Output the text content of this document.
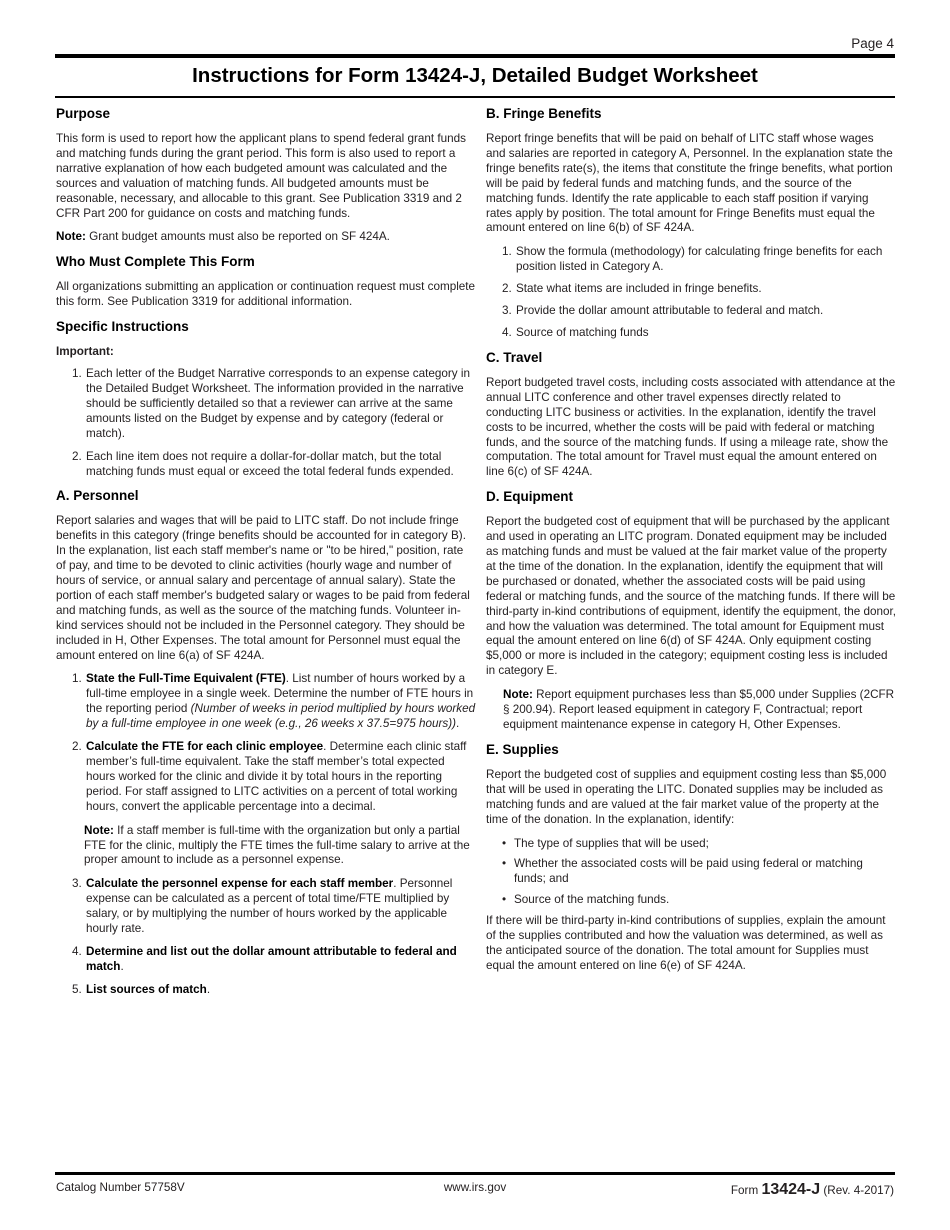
Page 4
Instructions for Form 13424-J, Detailed Budget Worksheet
Purpose

This form is used to report how the applicant plans to spend federal grant funds and matching funds during the grant period. This form is also used to report a narrative explanation of how each budgeted amount was calculated and the sources and valuation of matching funds. All budgeted amounts must be reasonable, necessary, and allocable to this grant. See Publication 3319 and 2 CFR Part 200 for guidance on costs and matching funds.

Note: Grant budget amounts must also be reported on SF 424A.

Who Must Complete This Form

All organizations submitting an application or continuation request must complete this form. See Publication 3319 for additional information.

Specific Instructions

Important:

1. Each letter of the Budget Narrative corresponds to an expense category in the Detailed Budget Worksheet. The information provided in the narrative should be sufficiently detailed so that a reviewer can arrive at the same amounts listed on the Budget by expense and by category (federal or match).
2. Each line item does not require a dollar-for-dollar match, but the total matching funds must equal or exceed the total federal funds expended.
A. Personnel

Report salaries and wages that will be paid to LITC staff. Do not include fringe benefits in this category (fringe benefits should be accounted for in category B). In the explanation, list each staff member's name or "to be hired," position, rate of pay, and time to be devoted to clinic activities (hourly wage and number of hours of service, or annual salary and percentage of annual salary). State the portion of each staff member's budgeted salary or wages to be paid from federal and matching funds, as well as the source of the matching funds. Volunteer in-kind services should not be included in the Personnel category. They should be included in H, Other Expenses. The total amount for Personnel must equal the amount entered on line 6(a) of SF 424A.

1. State the Full-Time Equivalent (FTE). List number of hours worked by a full-time employee in a single week. Determine the number of FTE hours in the reporting period (Number of weeks in period multiplied by hours worked by a full-time employee in one week (e.g., 26 weeks x 37.5=975 hours)).
2. Calculate the FTE for each clinic employee. Determine each clinic staff member’s full-time equivalent. Take the staff member’s total expected hours worked for the clinic and divide it by total hours in the reporting period. For staff assigned to LITC activities on a percent of total working hours, convert the applicable percentage into a decimal.

Note: If a staff member is full-time with the organization but only a partial FTE for the clinic, multiply the FTE times the full-time salary to arrive at the proper amount to include as a personnel expense.

3. Calculate the personnel expense for each staff member. Personnel expense can be calculated as a percent of total time/FTE multiplied by salary, or by multiplying the number of hours worked by the applicable hourly rate.
4. Determine and list out the dollar amount attributable to federal and match.
5. List sources of match.
B. Fringe Benefits

Report fringe benefits that will be paid on behalf of LITC staff whose wages and salaries are reported in category A, Personnel. In the explanation state the fringe benefits rate(s), the items that constitute the fringe benefits, what portion will be paid by federal funds and matching funds, and the source of the matching funds. Identify the rate applicable to each staff position if varying rates apply by position. The total amount for Fringe Benefits must equal the amount entered on line 6(b) of SF 424A.

1. Show the formula (methodology) for calculating fringe benefits for each position listed in Category A.
2. State what items are included in fringe benefits.
3. Provide the dollar amount attributable to federal and match.
4. Source of matching funds
C. Travel

Report budgeted travel costs, including costs associated with attendance at the annual LITC conference and other travel expenses directly related to conducting LITC business or activities. In the explanation, identify the travel costs to be incurred, whether the costs will be paid with federal or matching funds, and the source of the matching funds. If using a mileage rate, show the computation. The total amount for Travel must equal the amount entered on line 6(c) of SF 424A.

D. Equipment

Report the budgeted cost of equipment that will be purchased by the applicant and used in operating an LITC program. Donated equipment may be included as matching funds and must be valued at the fair market value of the property at the time of the donation. In the explanation, identify the equipment that will be purchased or donated, whether the associated costs will be paid using federal or matching funds, and the source of the matching funds. If there will be third-party in-kind contributions of equipment, identify the equipment, the donor, and how the valuation was determined. The total amount for Equipment must equal the amount entered on line 6(d) of SF 424A. Only equipment costing $5,000 or more is included in the category; equipment costing less is included in category E.

Note: Report equipment purchases less than $5,000 under Supplies (2CFR § 200.94). Report leased equipment in category F, Contractual; report equipment maintenance expense in category H, Other Expenses.

E. Supplies

Report the budgeted cost of supplies and equipment costing less than $5,000 that will be used in operating the LITC. Donated supplies may be included as matching funds and are valued at the fair market value of the property at the time of the donation. In the explanation, identify:

• The type of supplies that will be used;
• Whether the associated costs will be paid using federal or matching funds; and
• Source of the matching funds.

If there will be third-party in-kind contributions of supplies, explain the amount of the supplies contributed and how the valuation was determined, as well as the anticipated source of the donation. The total amount for Supplies must equal the amount entered on line 6(e) of SF 424A.

Catalog Number 57758V	www.irs.gov	Form 13424-J (Rev. 4-2017)
